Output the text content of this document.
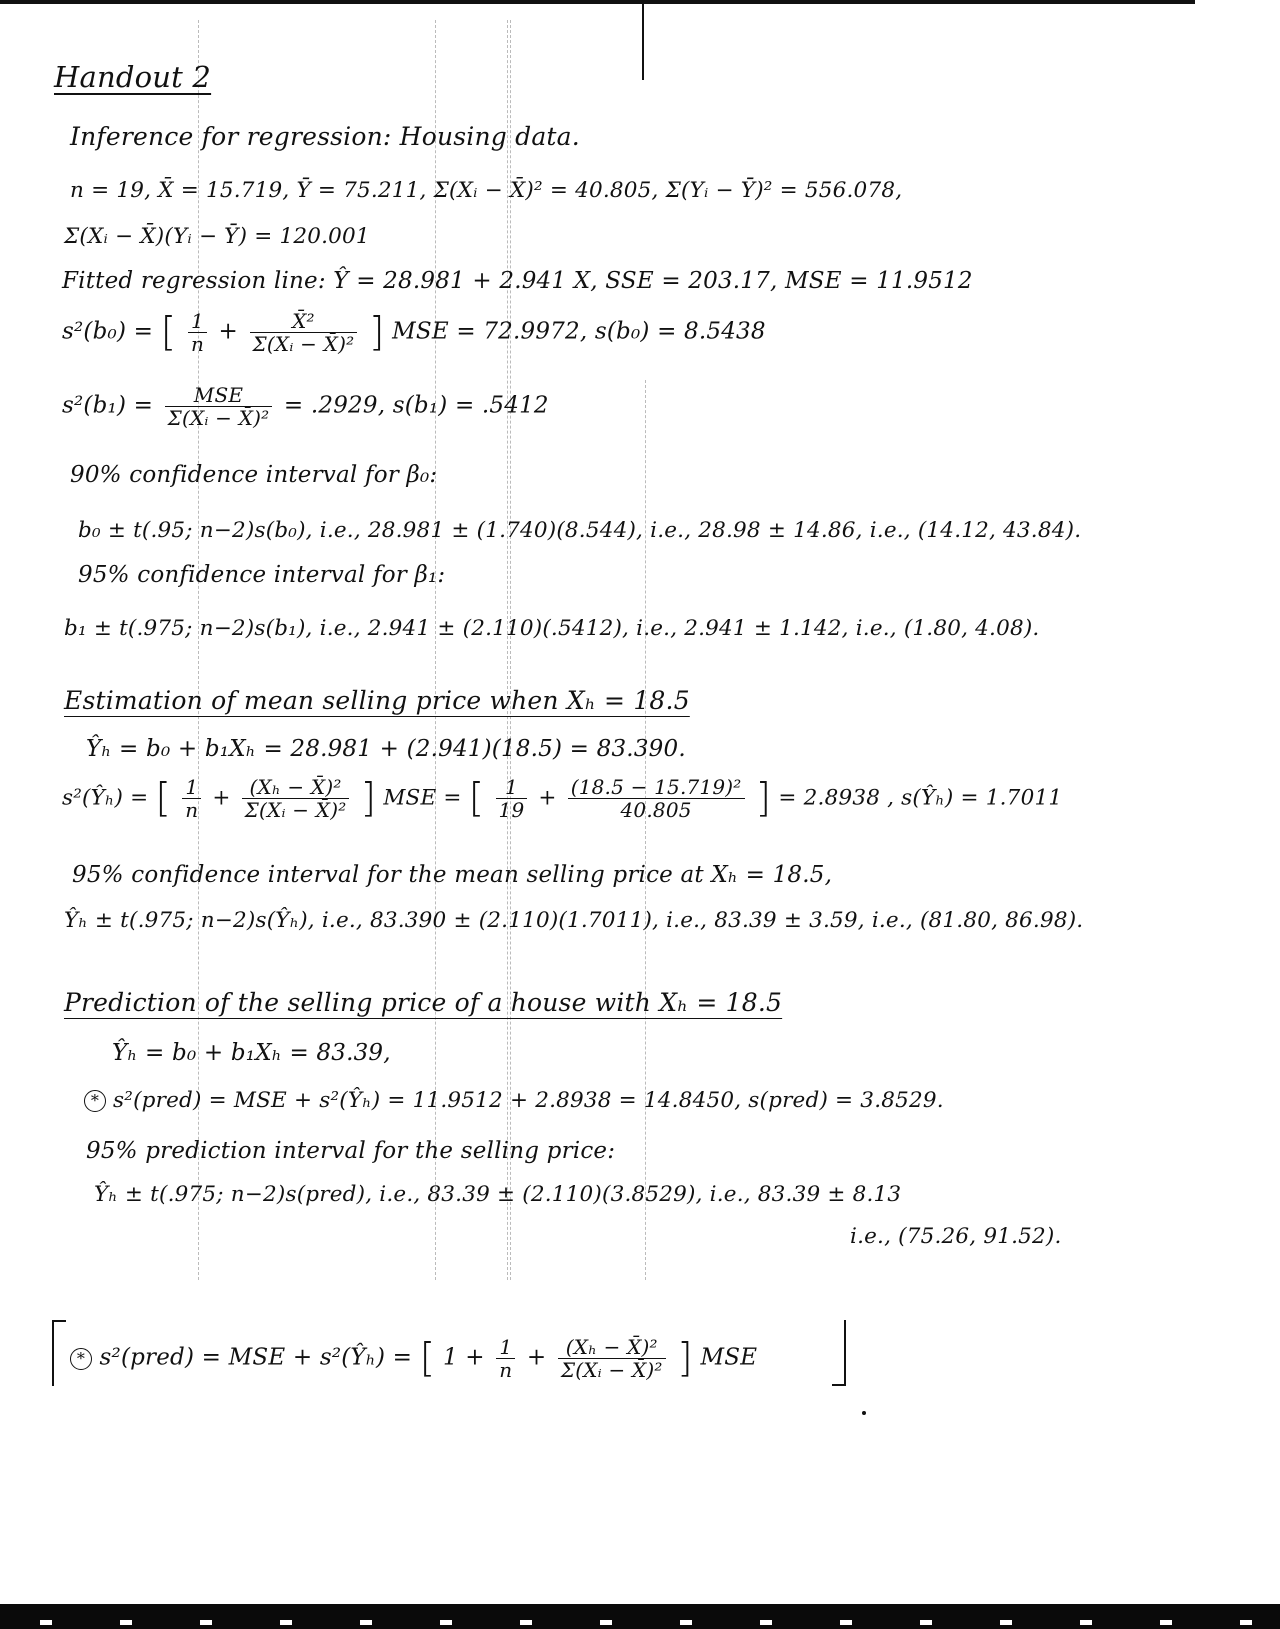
Handout 2
Inference for regression: Housing data.
n = 19, X̄ = 15.719, Ȳ = 75.211, Σ(Xᵢ − X̄)² = 40.805, Σ(Yᵢ − Ȳ)² = 556.078,
Σ(Xᵢ − X̄)(Yᵢ − Ȳ) = 120.001
Fitted regression line: Ŷ = 28.981 + 2.941 X, SSE = 203.17, MSE = 11.9512
s²(b₀) = [ $\frac{1}{n} + \frac{\text{X̄²}}{\text{Σ(Xᵢ − X̄)²}}$ ] MSE = 72.9972, s(b₀) = 8.5438
$s^2(b_1) = \frac{\text{MSE}}{\text{Σ(Xᵢ − X̄)²}} = .2929$, s(b₁) = .5412
90% confidence interval for β₀:
b₀ ± t(.95; n−2)s(b₀), i.e., 28.981 ± (1.740)(8.544), i.e., 28.98 ± 14.86, i.e., (14.12, 43.84).
95% confidence interval for β₁:
b₁ ± t(.975; n−2)s(b₁), i.e., 2.941 ± (2.110)(.5412), i.e., 2.941 ± 1.142, i.e., (1.80, 4.08).
Estimation of mean selling price when Xₕ = 18.5
Ŷₕ = b₀ + b₁Xₕ = 28.981 + (2.941)(18.5) = 83.390.
s²(Ŷₕ) = [ $\frac{1}{n} + \frac{\text{(Xₕ − X̄)²}}{\text{Σ(Xᵢ − X̄)²}}$ ] MSE = [ $\frac{1}{19} + \frac{\text{(18.5 − 15.719)²}}{40.805}$ ] = 2.8938 , s(Ŷₕ) = 1.7011
95% confidence interval for the mean selling price at Xₕ = 18.5,
Ŷₕ ± t(.975; n−2)s(Ŷₕ), i.e., 83.390 ± (2.110)(1.7011), i.e., 83.39 ± 3.59, i.e., (81.80, 86.98).
Prediction of the selling price of a house with Xₕ = 18.5
Ŷₕ = b₀ + b₁Xₕ = 83.39,
* s²(pred) = MSE + s²(Ŷₕ) = 11.9512 + 2.8938 = 14.8450, s(pred) = 3.8529.
95% prediction interval for the selling price:
Ŷₕ ± t(.975; n−2)s(pred), i.e., 83.39 ± (2.110)(3.8529), i.e., 83.39 ± 8.13
i.e., (75.26, 91.52).
* s²(pred) = MSE + s²(Ŷₕ) = [ $1 + \frac{1}{n} + \frac{\text{(Xₕ − X̄)²}}{\text{Σ(Xᵢ − X̄)²}}$ ] MSE
